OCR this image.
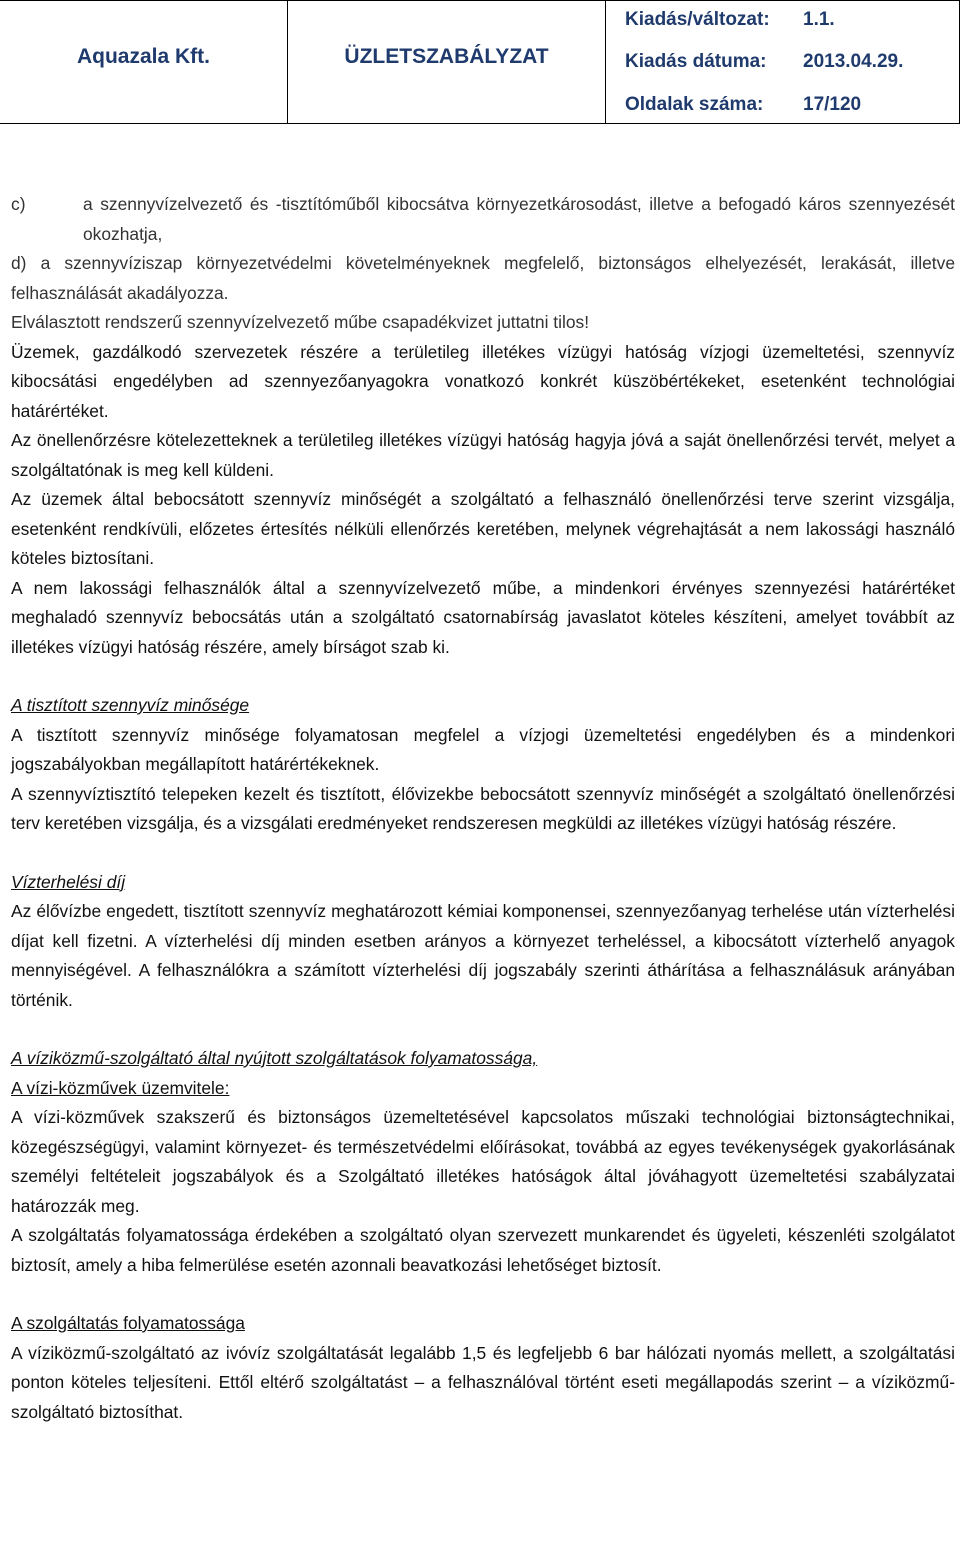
Aquazala Kft.	ÜZLETSZABÁLYZAT
Kiadás/változat: 1.1.
Kiadás dátuma: 2013.04.29.
Oldalak száma: 17/120

c)	a szennyvízelvezető és -tisztítóműből kibocsátva környezetkárosodást, illetve a befogadó káros szennyezését okozhatja,

d) a szennyvíziszap környezetvédelmi követelményeknek megfelelő, biztonságos elhelyezését, lerakását, illetve felhasználását akadályozza.

Elválasztott rendszerű szennyvízelvezető műbe csapadékvizet juttatni tilos!

Üzemek, gazdálkodó szervezetek részére a területileg illetékes vízügyi hatóság vízjogi üzemeltetési, szennyvíz kibocsátási engedélyben ad szennyezőanyagokra vonatkozó konkrét küszöbértékeket, esetenként technológiai határértéket.

Az önellenőrzésre kötelezetteknek a területileg illetékes vízügyi hatóság hagyja jóvá a saját önellenőrzési tervét, melyet a szolgáltatónak is meg kell küldeni.

Az üzemek által bebocsátott szennyvíz minőségét a szolgáltató a felhasználó önellenőrzési terve szerint vizsgálja, esetenként rendkívüli, előzetes értesítés nélküli ellenőrzés keretében, melynek végrehajtását a nem lakossági használó köteles biztosítani.

A nem lakossági felhasználók által a szennyvízelvezető műbe, a mindenkori érvényes szennyezési határértéket meghaladó szennyvíz bebocsátás után a szolgáltató csatornabírság javaslatot köteles készíteni, amelyet továbbít az illetékes vízügyi hatóság részére, amely bírságot szab ki.

A tisztított szennyvíz minősége

A tisztított szennyvíz minősége folyamatosan megfelel a vízjogi üzemeltetési engedélyben és a mindenkori jogszabályokban megállapított határértékeknek.

A szennyvíztisztító telepeken kezelt és tisztított, élővizekbe bebocsátott szennyvíz minőségét a szolgáltató önellenőrzési terv keretében vizsgálja, és a vizsgálati eredményeket rendszeresen megküldi az illetékes vízügyi hatóság részére.

Vízterhelési díj

Az élővízbe engedett, tisztított szennyvíz meghatározott kémiai komponensei, szennyezőanyag terhelése után vízterhelési díjat kell fizetni. A vízterhelési díj minden esetben arányos a környezet terheléssel, a kibocsátott vízterhelő anyagok mennyiségével. A felhasználókra a számított vízterhelési díj jogszabály szerinti áthárítása a felhasználásuk arányában történik.

A víziközmű-szolgáltató által nyújtott szolgáltatások folyamatossága,

A vízi-közművek üzemvitele:

A vízi-közművek szakszerű és biztonságos üzemeltetésével kapcsolatos műszaki technológiai biztonságtechnikai, közegészségügyi, valamint környezet- és természetvédelmi előírásokat, továbbá az egyes tevékenységek gyakorlásának személyi feltételeit jogszabályok és a Szolgáltató illetékes hatóságok által jóváhagyott üzemeltetési szabályzatai határozzák meg.

A szolgáltatás folyamatossága érdekében a szolgáltató olyan szervezett munkarendet és ügyeleti, készenléti szolgálatot biztosít, amely a hiba felmerülése esetén azonnali beavatkozási lehetőséget biztosít.

A szolgáltatás folyamatossága

A víziközmű-szolgáltató az ivóvíz szolgáltatását legalább 1,5 és legfeljebb 6 bar hálózati nyomás mellett, a szolgáltatási ponton köteles teljesíteni. Ettől eltérő szolgáltatást – a felhasználóval történt eseti megállapodás szerint – a víziközmű-szolgáltató biztosíthat.
